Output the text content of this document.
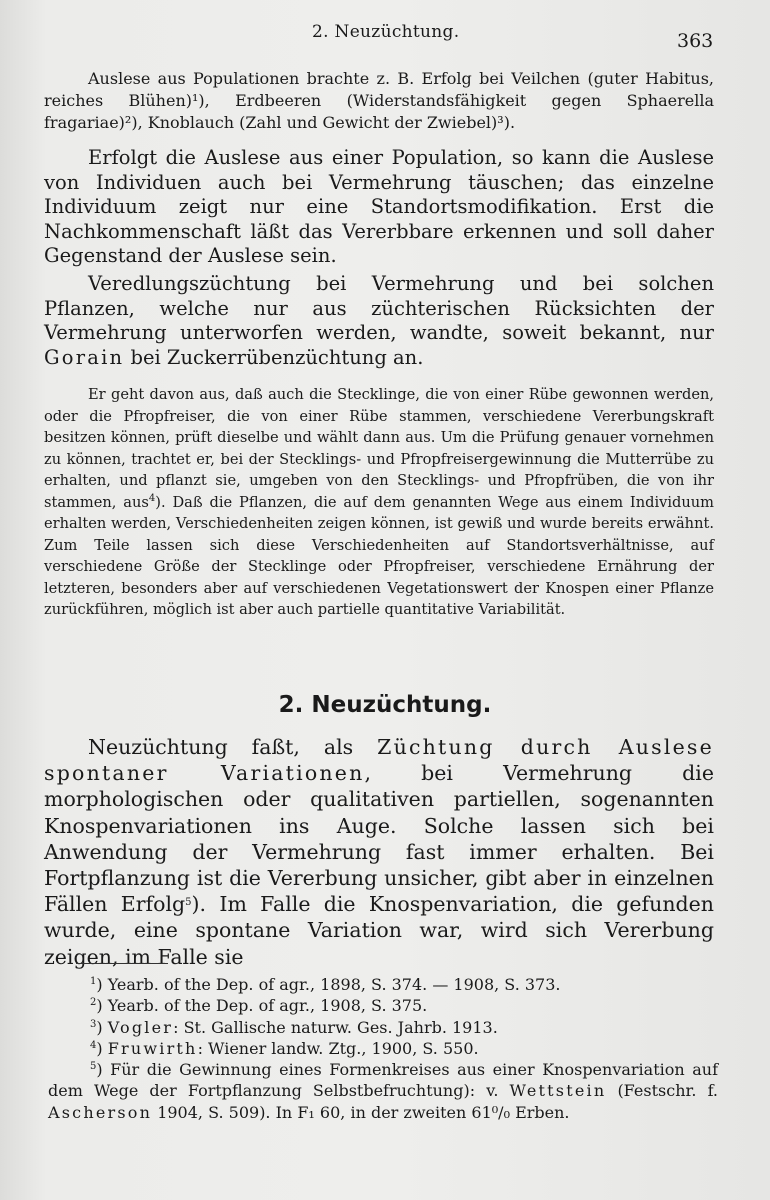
2. Neuzüchtung.	363

Auslese aus Populationen brachte z. B. Erfolg bei Veilchen (guter Habitus, reiches Blühen)¹), Erdbeeren (Widerstandsfähigkeit gegen Sphaerella fragariae)²), Knoblauch (Zahl und Gewicht der Zwiebel)³).

Erfolgt die Auslese aus einer Population, so kann die Auslese von Individuen auch bei Vermehrung täuschen; das einzelne Individuum zeigt nur eine Standortsmodifikation. Erst die Nachkommenschaft läßt das Vererbbare erkennen und soll daher Gegenstand der Auslese sein.

Veredlungszüchtung bei Vermehrung und bei solchen Pflanzen, welche nur aus züchterischen Rücksichten der Vermehrung unterworfen werden, wandte, soweit bekannt, nur Gorain bei Zuckerrübenzüchtung an.

Er geht davon aus, daß auch die Stecklinge, die von einer Rübe gewonnen werden, oder die Pfropfreiser, die von einer Rübe stammen, verschiedene Vererbungskraft besitzen können, prüft dieselbe und wählt dann aus. Um die Prüfung genauer vornehmen zu können, trachtet er, bei der Stecklings- und Pfropfreisergewinnung die Mutterrübe zu erhalten, und pflanzt sie, umgeben von den Stecklings- und Pfropfrüben, die von ihr stammen, aus$^4$). Daß die Pflanzen, die auf dem genannten Wege aus einem Individuum erhalten werden, Verschiedenheiten zeigen können, ist gewiß und wurde bereits erwähnt. Zum Teile lassen sich diese Verschiedenheiten auf Standortsverhältnisse, auf verschiedene Größe der Stecklinge oder Pfropfreiser, verschiedene Ernährung der letzteren, besonders aber auf verschiedenen Vegetationswert der Knospen einer Pflanze zurückführen, möglich ist aber auch partielle quantitative Variabilität.

2. Neuzüchtung.

Neuzüchtung faßt, als Züchtung durch Auslese spontaner Variationen, bei Vermehrung die morphologischen oder qualitativen partiellen, sogenannten Knospenvariationen ins Auge. Solche lassen sich bei Anwendung der Vermehrung fast immer erhalten. Bei Fortpflanzung ist die Vererbung unsicher, gibt aber in einzelnen Fällen Erfolg$^5$). Im Falle die Knospenvariation, die gefunden wurde, eine spontane Variation war, wird sich Vererbung zeigen, im Falle sie

$^1$) Yearb. of the Dep. of agr., 1898, S. 374. — 1908, S. 373.
$^2$) Yearb. of the Dep. of agr., 1908, S. 375.
$^3$) Vogler: St. Gallische naturw. Ges. Jahrb. 1913.
$^4$) Fruwirth: Wiener landw. Ztg., 1900, S. 550.
$^5$) Für die Gewinnung eines Formenkreises aus einer Knospenvariation auf dem Wege der Fortpflanzung Selbstbefruchtung): v. Wettstein (Festschr. f. Ascherson 1904, S. 509). In F₁ 60, in der zweiten 61⁰/₀ Erben.
